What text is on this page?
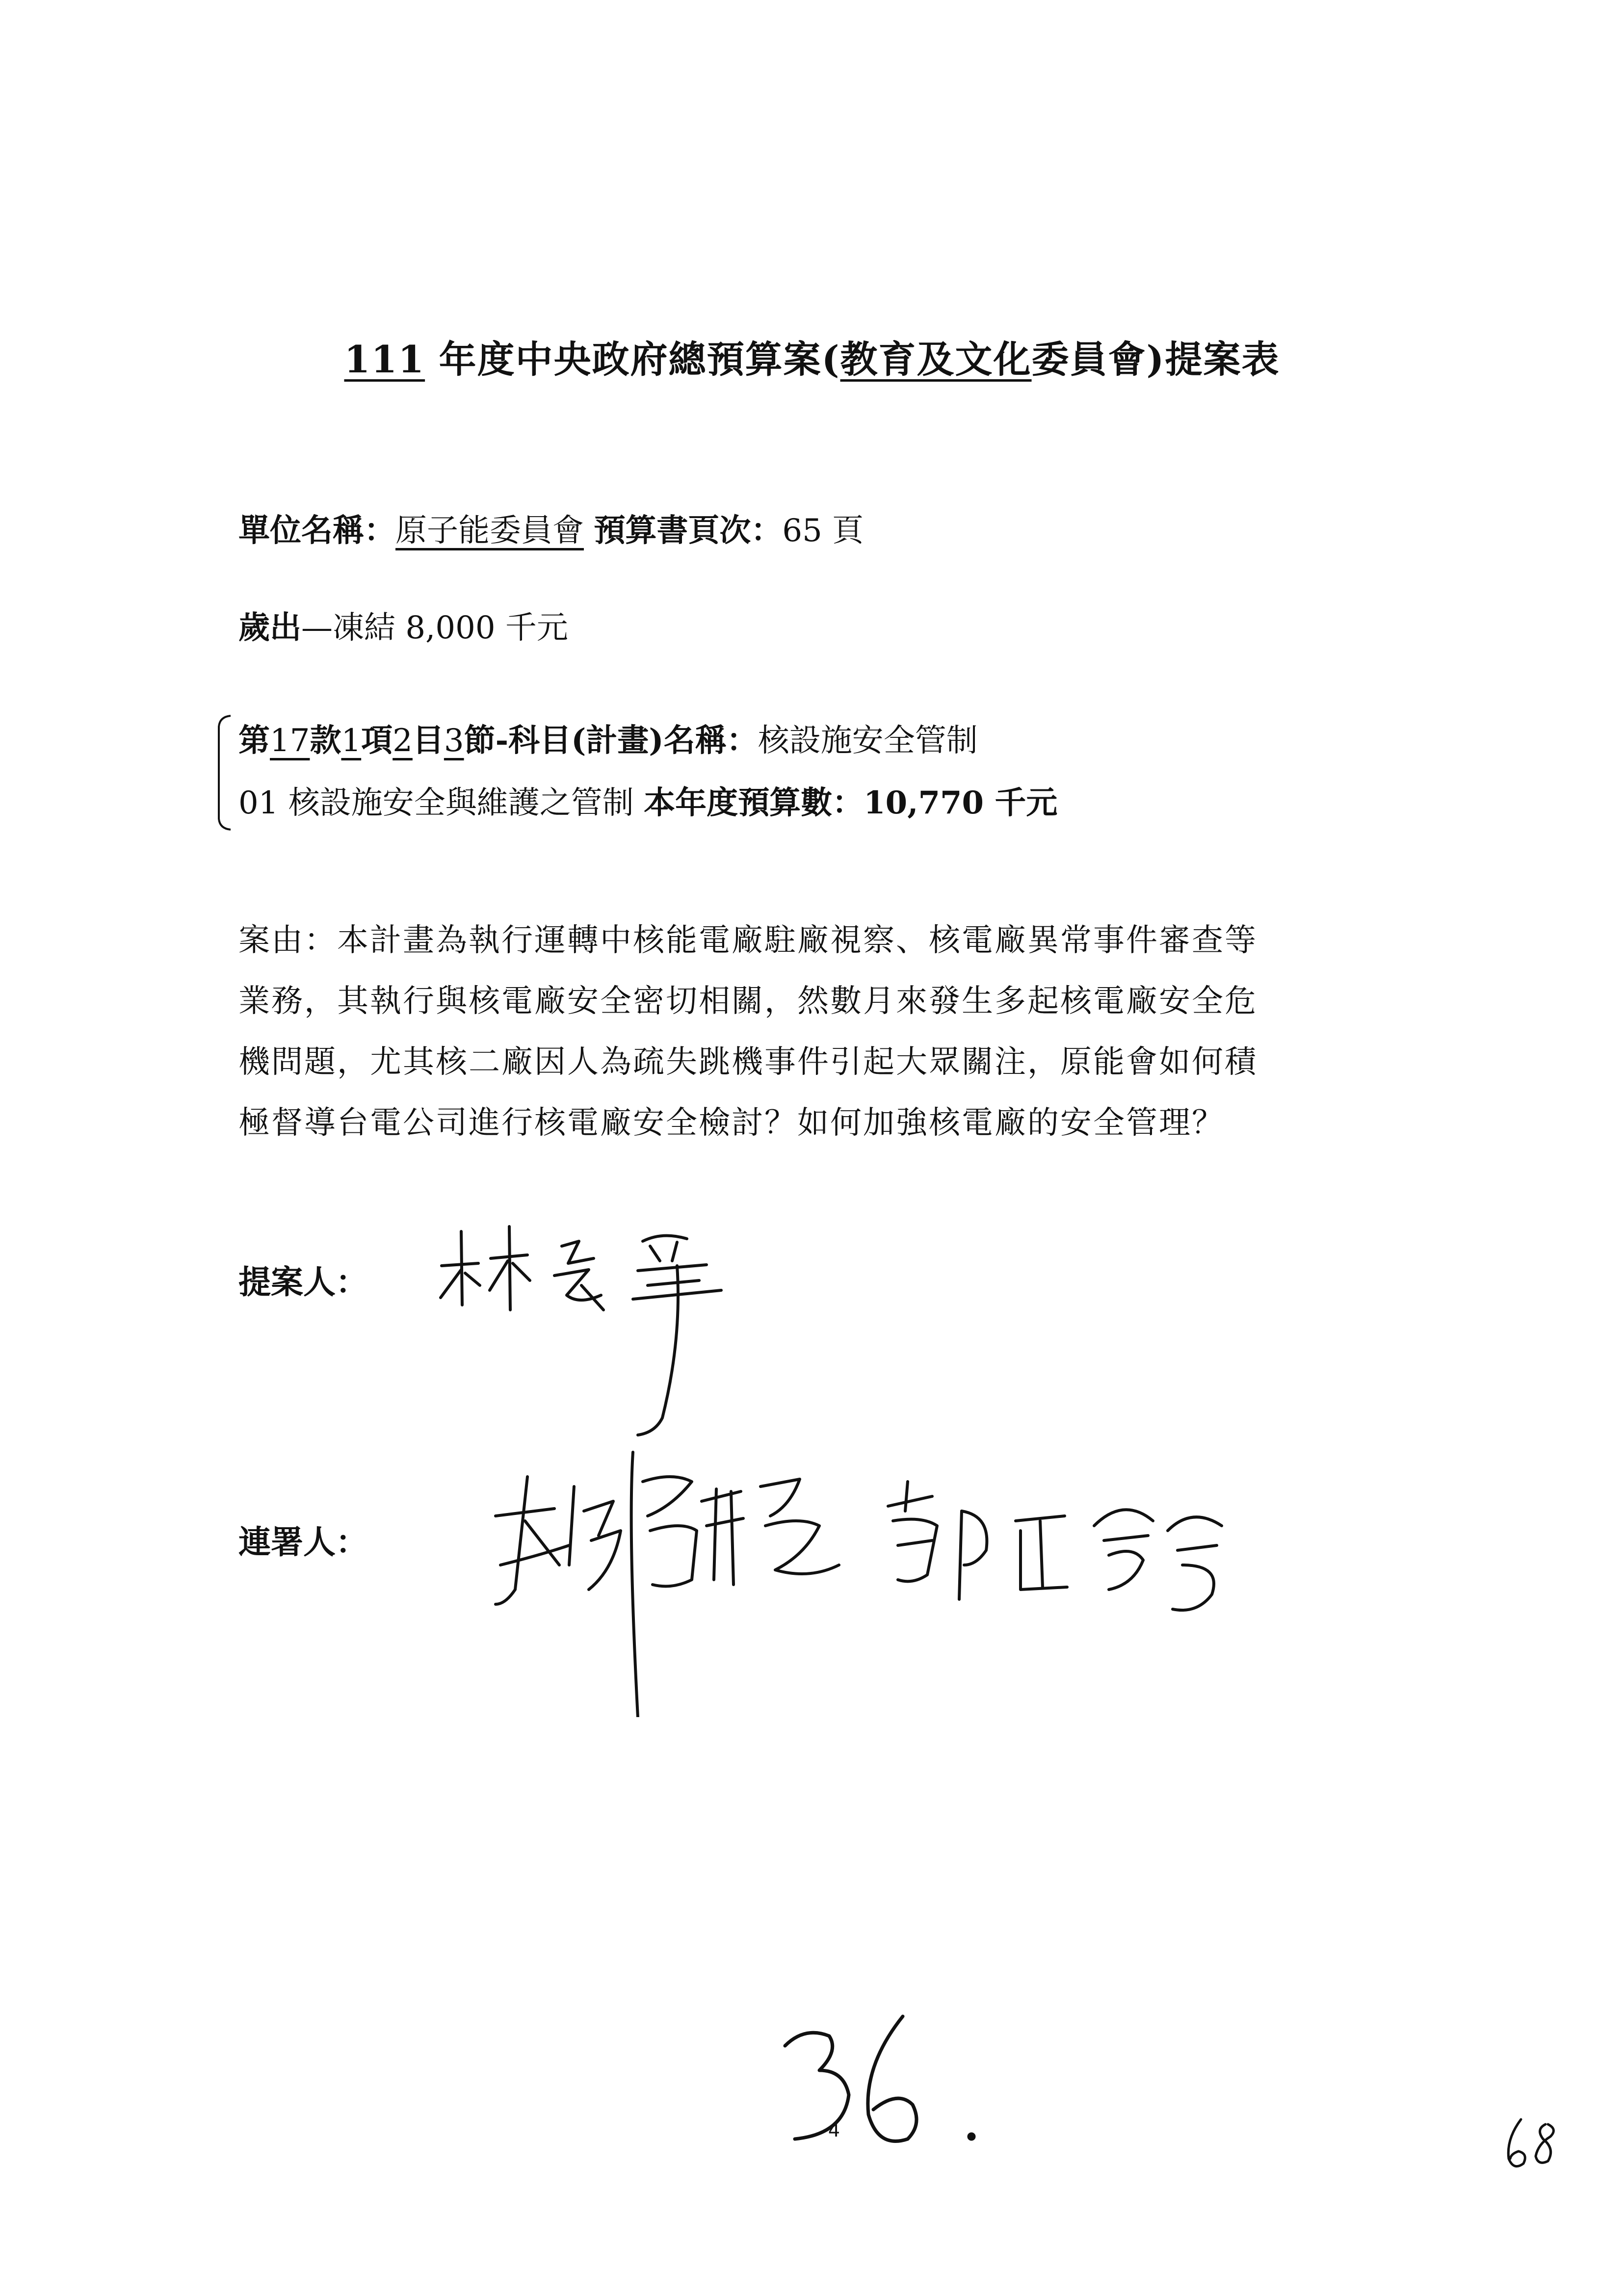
111 年度中央政府總預算案(教育及文化委員會)提案表
單位名稱：原子能委員會 預算書頁次：65 頁
歲出—凍結 8,000 千元
第17款1項2目3節-科目(計畫)名稱：核設施安全管制
01 核設施安全與維護之管制 本年度預算數：10,770 千元
案由：本計畫為執行運轉中核能電廠駐廠視察、核電廠異常事件審查等
業務，其執行與核電廠安全密切相關，然數月來發生多起核電廠安全危
機問題，尤其核二廠因人為疏失跳機事件引起大眾關注，原能會如何積
極督導台電公司進行核電廠安全檢討？如何加強核電廠的安全管理？
提案人：
連署人：
4
